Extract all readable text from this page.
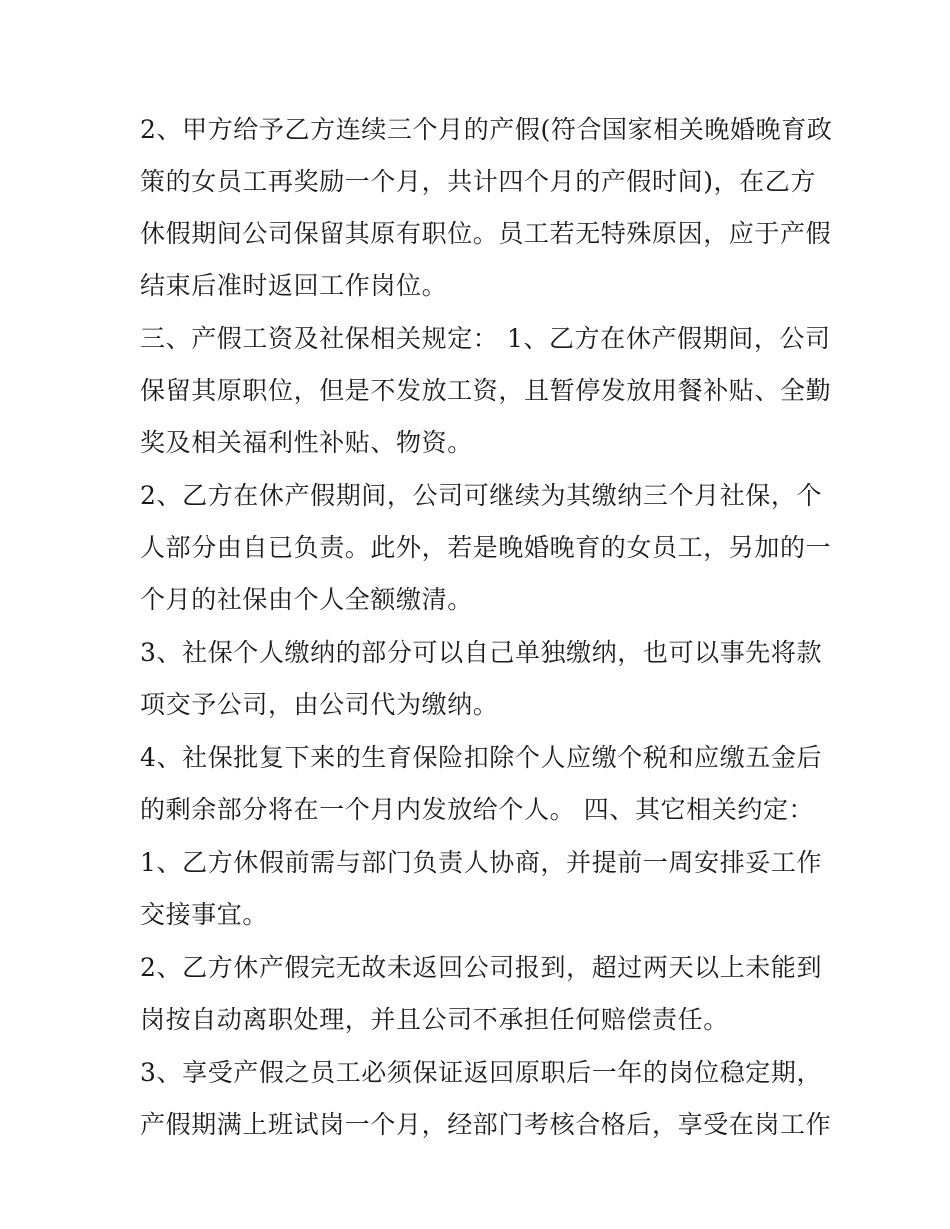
2、甲方给予乙方连续三个月的产假(符合国家相关晚婚晚育政
策的女员工再奖励一个月，共计四个月的产假时间)，在乙方
休假期间公司保留其原有职位。员工若无特殊原因，应于产假
结束后准时返回工作岗位。
三、产假工资及社保相关规定： 1、乙方在休产假期间，公司
保留其原职位，但是不发放工资，且暂停发放用餐补贴、全勤
奖及相关福利性补贴、物资。
2、乙方在休产假期间，公司可继续为其缴纳三个月社保，个
人部分由自已负责。此外，若是晚婚晚育的女员工，另加的一
个月的社保由个人全额缴清。
3、社保个人缴纳的部分可以自己单独缴纳，也可以事先将款
项交予公司，由公司代为缴纳。
4、社保批复下来的生育保险扣除个人应缴个税和应缴五金后
的剩余部分将在一个月内发放给个人。 四、其它相关约定：
1、乙方休假前需与部门负责人协商，并提前一周安排妥工作
交接事宜。
2、乙方休产假完无故未返回公司报到，超过两天以上未能到
岗按自动离职处理，并且公司不承担任何赔偿责任。
3、享受产假之员工必须保证返回原职后一年的岗位稳定期，
产假期满上班试岗一个月，经部门考核合格后，享受在岗工作
